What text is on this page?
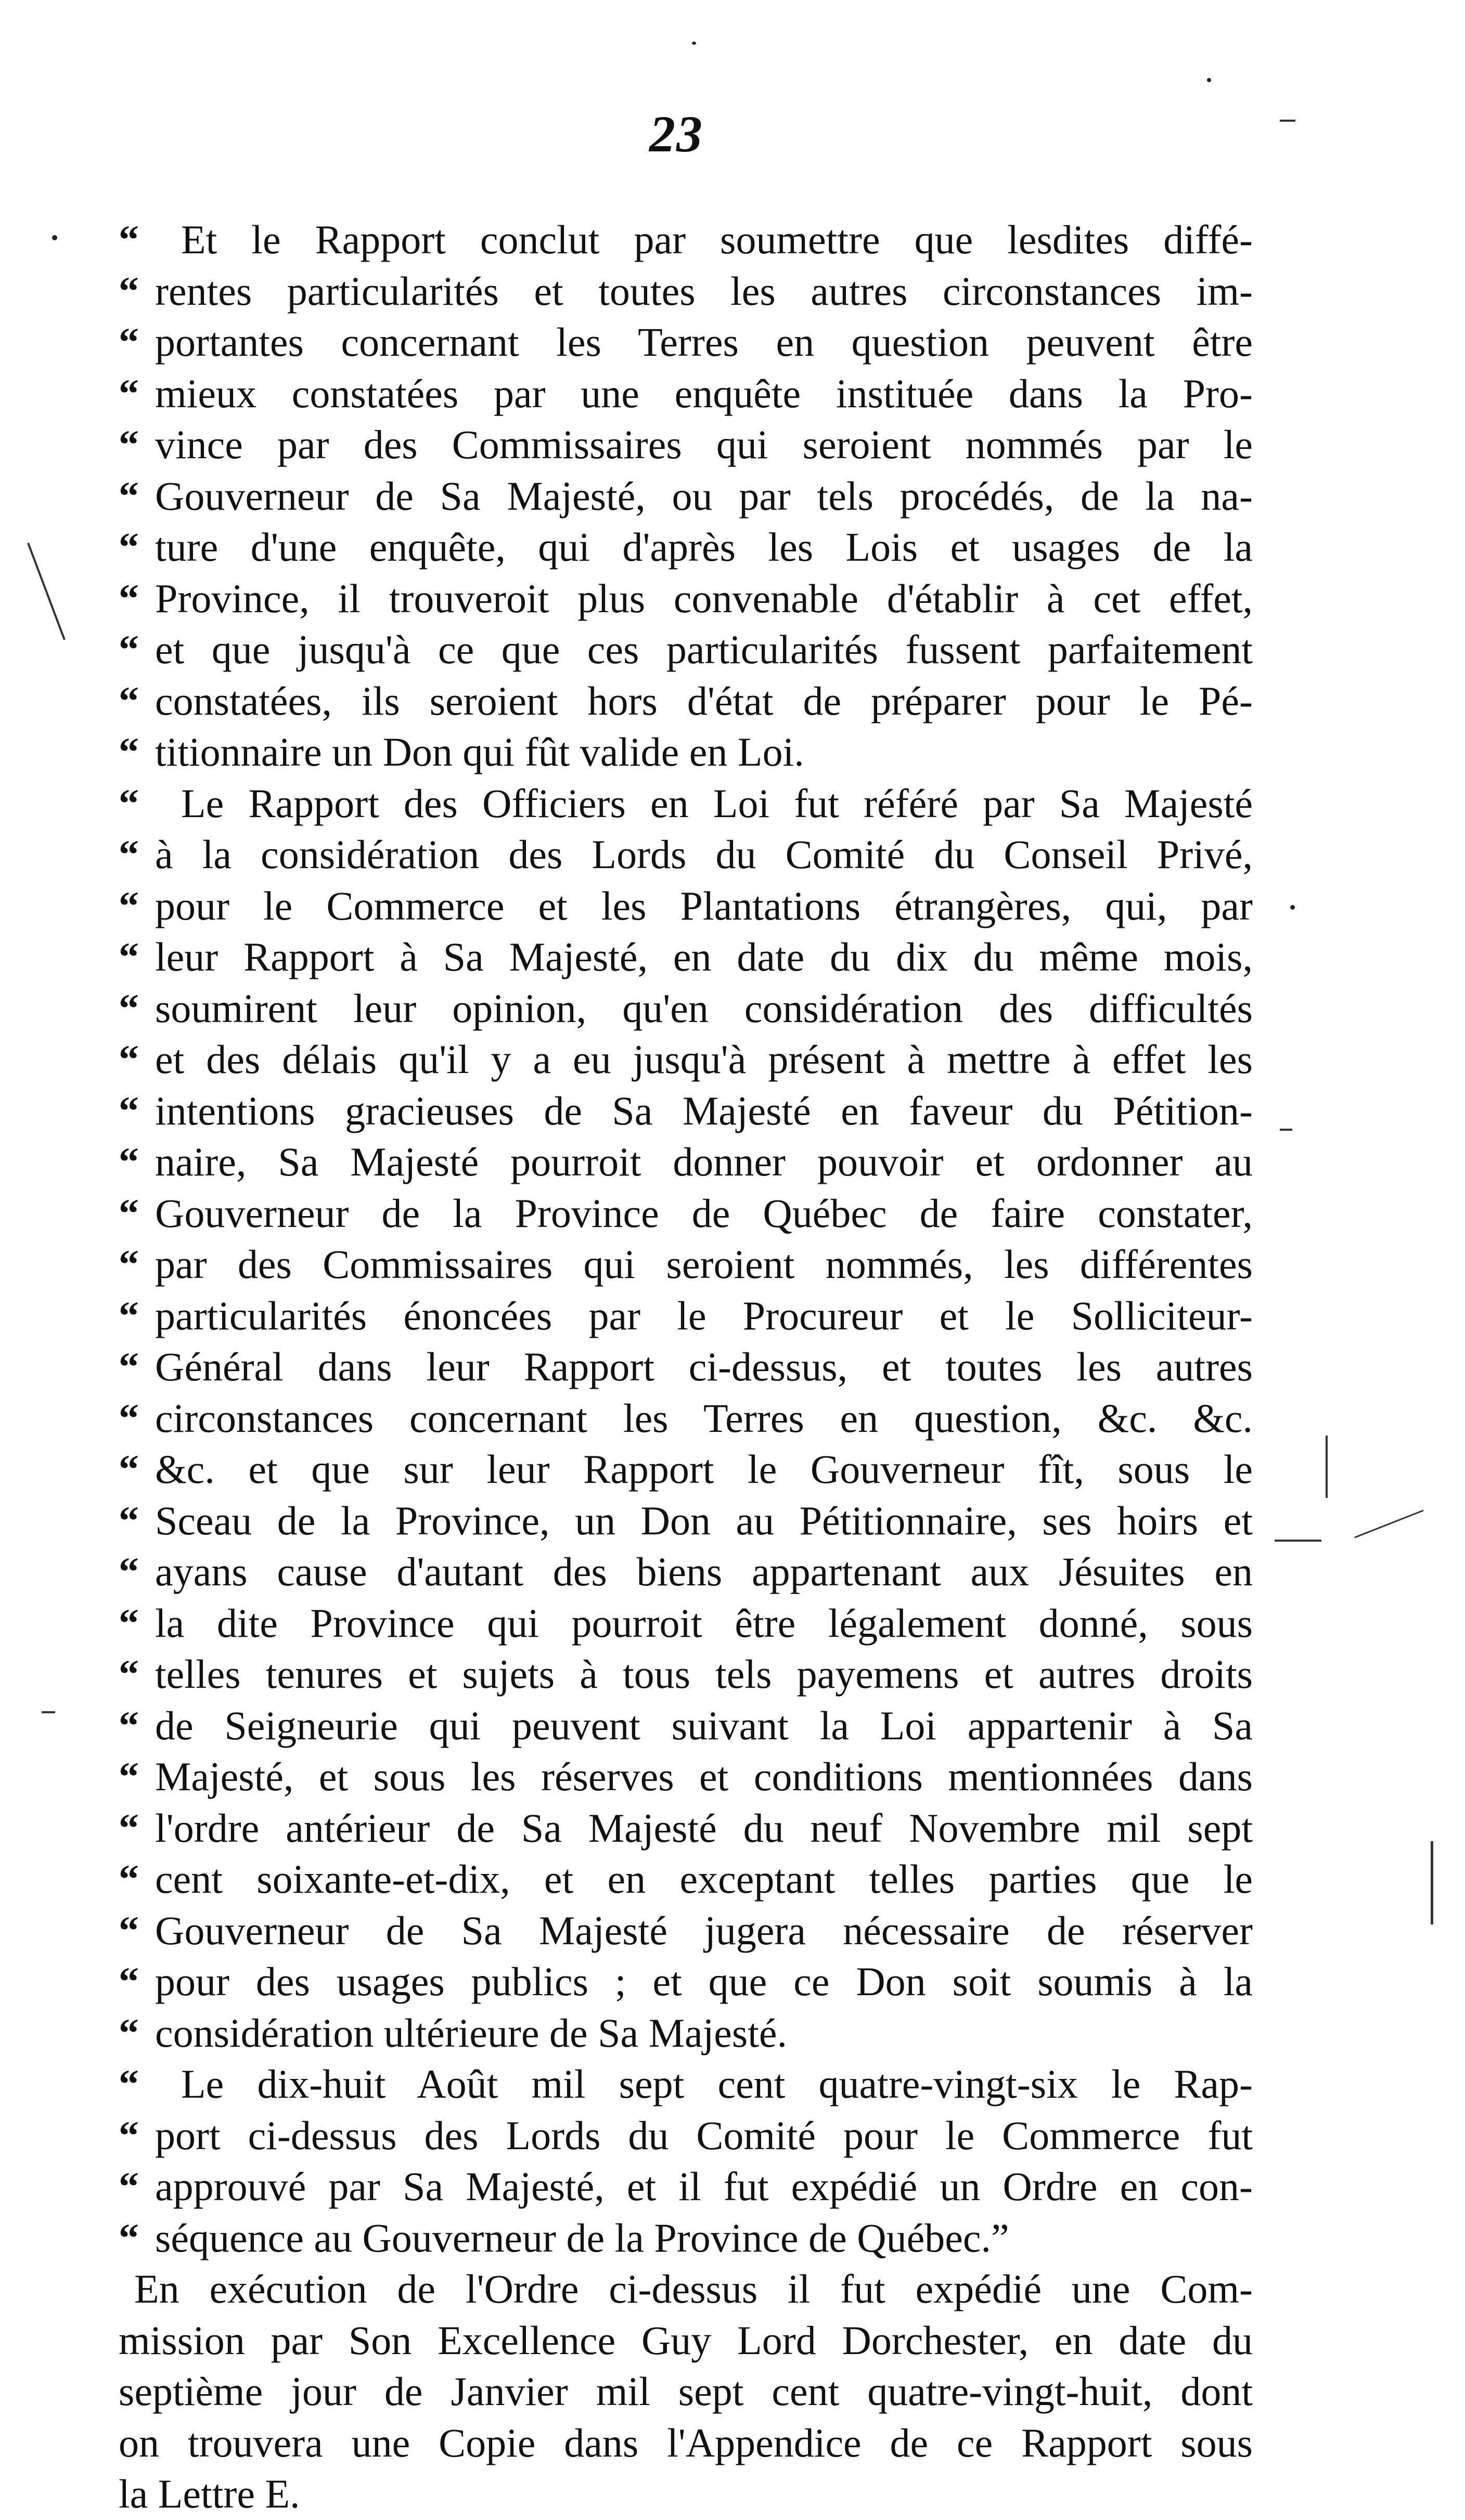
23
“ Et le Rapport conclut par soumettre que lesdites diffé-
“ rentes particularités et toutes les autres circonstances im-
“ portantes concernant les Terres en question peuvent être
“ mieux constatées par une enquête instituée dans la Pro-
“ vince par des Commissaires qui seroient nommés par le
“ Gouverneur de Sa Majesté, ou par tels procédés, de la na-
“ ture d'une enquête, qui d'après les Lois et usages de la
“ Province, il trouveroit plus convenable d'établir à cet effet,
“ et que jusqu'à ce que ces particularités fussent parfaitement
“ constatées, ils seroient hors d'état de préparer pour le Pé-
“ titionnaire un Don qui fût valide en Loi.
“ Le Rapport des Officiers en Loi fut référé par Sa Majesté
“ à la considération des Lords du Comité du Conseil Privé,
“ pour le Commerce et les Plantations étrangères, qui, par
“ leur Rapport à Sa Majesté, en date du dix du même mois,
“ soumirent leur opinion, qu'en considération des difficultés
“ et des délais qu'il y a eu jusqu'à présent à mettre à effet les
“ intentions gracieuses de Sa Majesté en faveur du Pétition-
“ naire, Sa Majesté pourroit donner pouvoir et ordonner au
“ Gouverneur de la Province de Québec de faire constater,
“ par des Commissaires qui seroient nommés, les différentes
“ particularités énoncées par le Procureur et le Solliciteur-
“ Général dans leur Rapport ci-dessus, et toutes les autres
“ circonstances concernant les Terres en question, &c. &c.
“ &c. et que sur leur Rapport le Gouverneur fît, sous le
“ Sceau de la Province, un Don au Pétitionnaire, ses hoirs et
“ ayans cause d'autant des biens appartenant aux Jésuites en
“ la dite Province qui pourroit être légalement donné, sous
“ telles tenures et sujets à tous tels payemens et autres droits
“ de Seigneurie qui peuvent suivant la Loi appartenir à Sa
“ Majesté, et sous les réserves et conditions mentionnées dans
“ l'ordre antérieur de Sa Majesté du neuf Novembre mil sept
“ cent soixante-et-dix, et en exceptant telles parties que le
“ Gouverneur de Sa Majesté jugera nécessaire de réserver
“ pour des usages publics ; et que ce Don soit soumis à la
“ considération ultérieure de Sa Majesté.
“ Le dix-huit Août mil sept cent quatre-vingt-six le Rap-
“ port ci-dessus des Lords du Comité pour le Commerce fut
“ approuvé par Sa Majesté, et il fut expédié un Ordre en con-
“ séquence au Gouverneur de la Province de Québec.”
En exécution de l'Ordre ci-dessus il fut expédié une Com-
mission par Son Excellence Guy Lord Dorchester, en date du
septième jour de Janvier mil sept cent quatre-vingt-huit, dont
on trouvera une Copie dans l'Appendice de ce Rapport sous
la Lettre E.
